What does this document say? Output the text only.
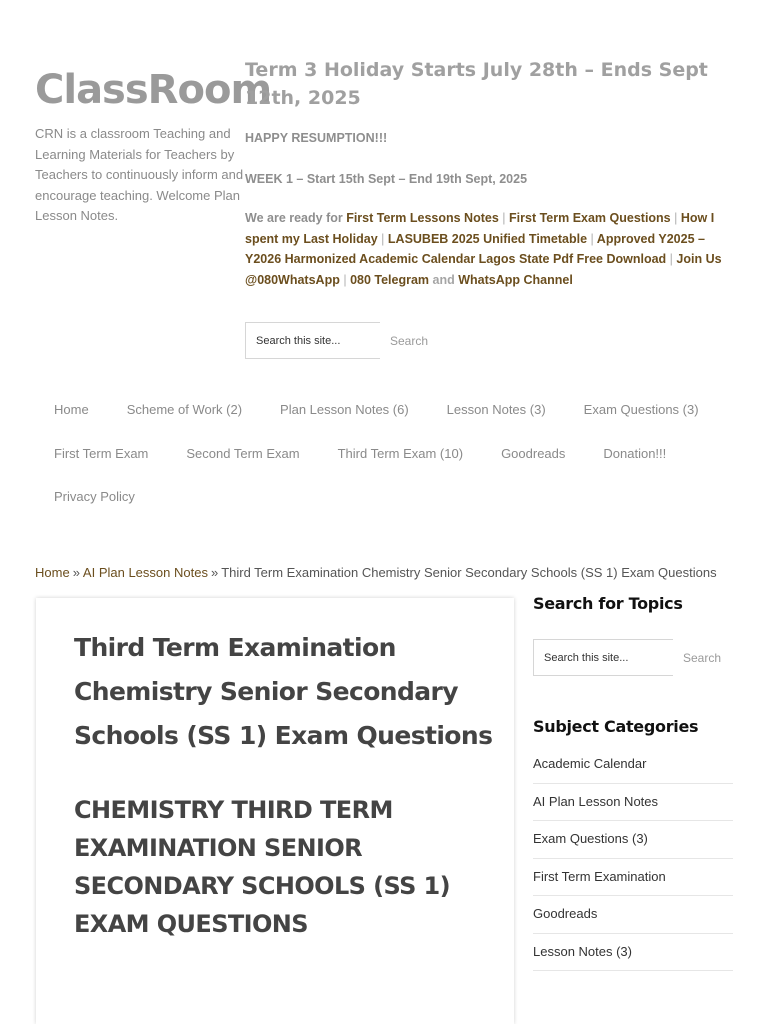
ClassRoom
CRN is a classroom Teaching and Learning Materials for Teachers by Teachers to continuously inform and encourage teaching. Welcome Plan Lesson Notes.
Term 3 Holiday Starts July 28th – Ends Sept 12th, 2025

HAPPY RESUMPTION!!!

WEEK 1 – Start 15th Sept – End 19th Sept, 2025

We are ready for First Term Lessons Notes | First Term Exam Questions | How I spent my Last Holiday | LASUBEB 2025 Unified Timetable | Approved Y2025 – Y2026 Harmonized Academic Calendar Lagos State Pdf Free Download | Join Us @080WhatsApp | 080 Telegram and WhatsApp Channel

Search this site...
Search
Home	Scheme of Work (2)	Plan Lesson Notes (6)	Lesson Notes (3)	Exam Questions (3)
First Term Exam	Second Term Exam	Third Term Exam (10)	Goodreads	Donation!!!
Privacy Policy
Home » AI Plan Lesson Notes » Third Term Examination Chemistry Senior Secondary Schools (SS 1) Exam Questions
Third Term Examination Chemistry Senior Secondary Schools (SS 1) Exam Questions
CHEMISTRY THIRD TERM EXAMINATION SENIOR SECONDARY SCHOOLS (SS 1) EXAM QUESTIONS
Search for Topics
Search this site...
Search
Subject Categories
Academic Calendar
AI Plan Lesson Notes
Exam Questions (3)
First Term Examination
Goodreads
Lesson Notes (3)
